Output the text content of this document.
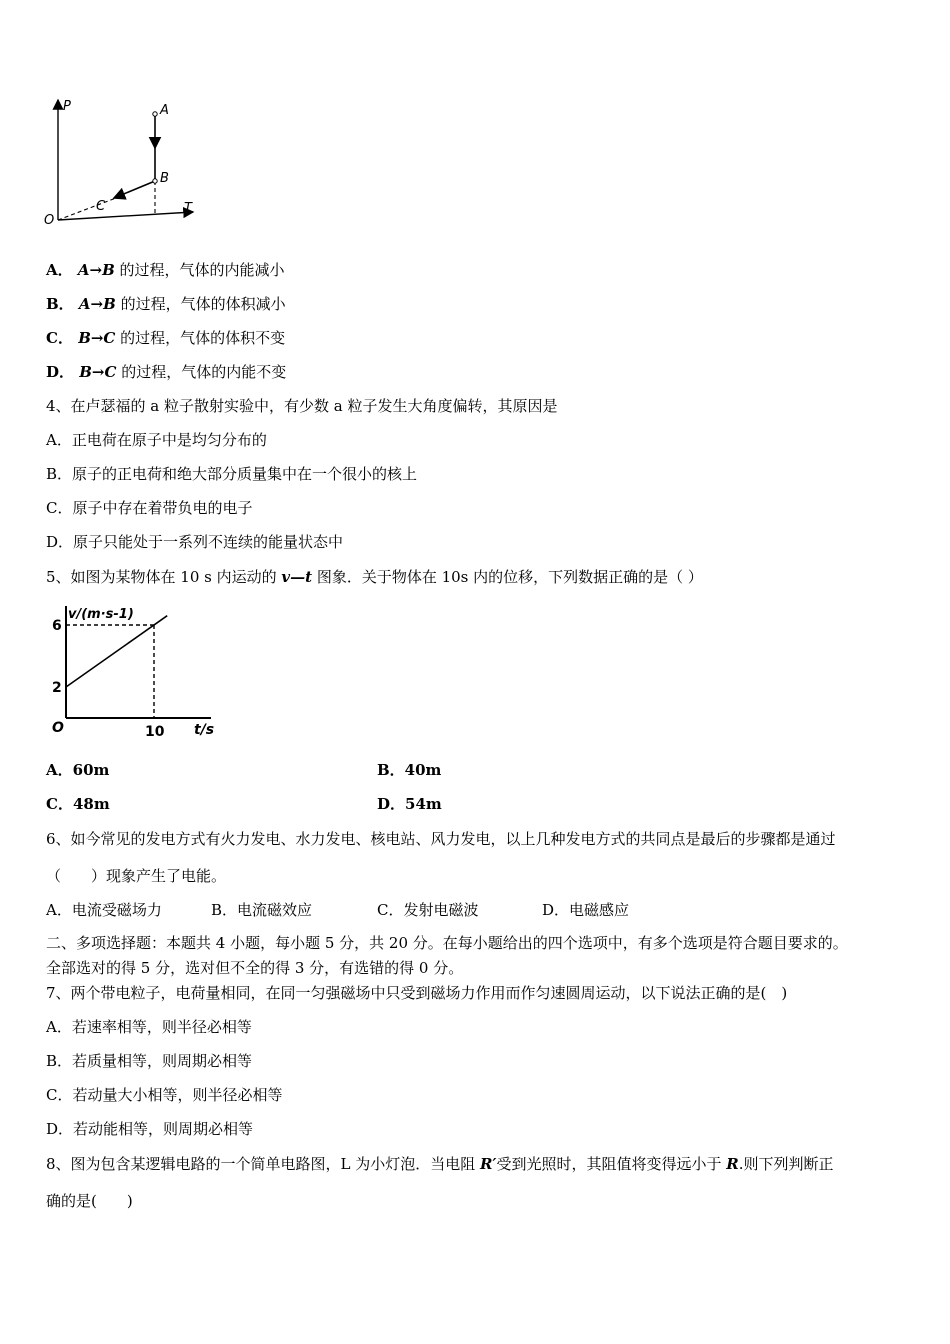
P	A
B
C	T
O
A． A→B 的过程，气体的内能减小
B． A→B 的过程，气体的体积减小
C． B→C 的过程，气体的体积不变
D． B→C 的过程，气体的内能不变
4、在卢瑟福的 a 粒子散射实验中，有少数 a 粒子发生大角度偏转，其原因是
A．正电荷在原子中是均匀分布的
B．原子的正电荷和绝大部分质量集中在一个很小的核上
C．原子中存在着带负电的电子
D．原子只能处于一系列不连续的能量状态中
5、如图为某物体在 10 s 内运动的 v—t 图象．关于物体在 10s 内的位移，下列数据正确的是（ ）
v/(m·s-1)
t/s
O
2
6
10
A．60m	B．40m
C．48m	D．54m
6、如今常见的发电方式有火力发电、水力发电、核电站、风力发电，以上几种发电方式的共同点是最后的步骤都是通过
（　　）现象产生了电能。
A．电流受磁场力	B．电流磁效应	C．发射电磁波	D．电磁感应
二、多项选择题：本题共 4 小题，每小题 5 分，共 20 分。在每小题给出的四个选项中，有多个选项是符合题目要求的。
全部选对的得 5 分，选对但不全的得 3 分，有选错的得 0 分。
7、两个带电粒子，电荷量相同，在同一匀强磁场中只受到磁场力作用而作匀速圆周运动，以下说法正确的是(　)
A．若速率相等，则半径必相等
B．若质量相等，则周期必相等
C．若动量大小相等，则半径必相等
D．若动能相等，则周期必相等
8、图为包含某逻辑电路的一个简单电路图，L 为小灯泡．当电阻 R′受到光照时，其阻值将变得远小于 R.则下列判断正
确的是(　　)
